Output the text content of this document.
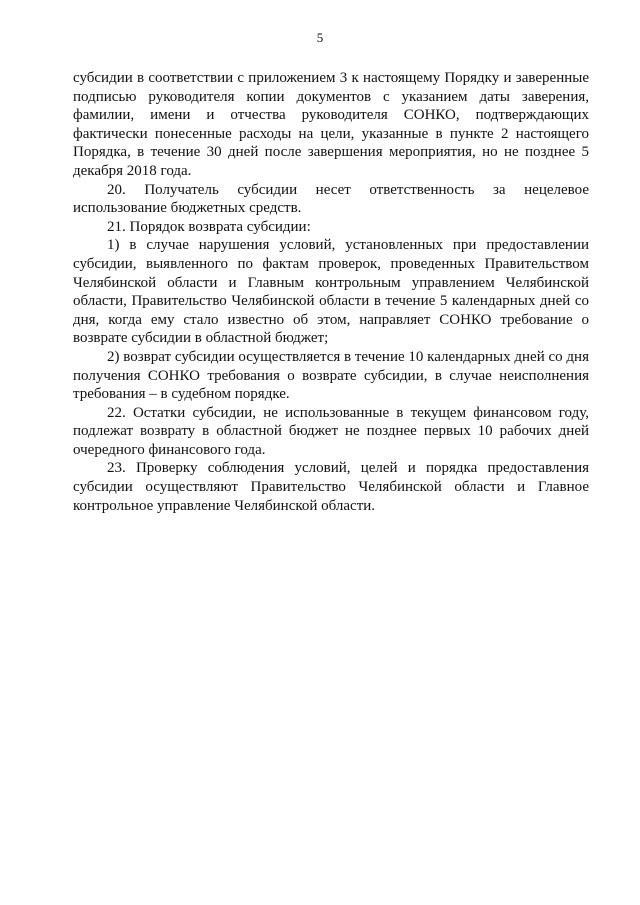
5

субсидии в соответствии с приложением 3 к настоящему Порядку и заверенные подписью руководителя копии документов с указанием даты заверения, фамилии, имени и отчества руководителя СОНКО, подтверждающих фактически понесенные расходы на цели, указанные в пункте 2 настоящего Порядка, в течение 30 дней после завершения мероприятия, но не позднее 5 декабря 2018 года.

20. Получатель субсидии несет ответственность за нецелевое использование бюджетных средств.

21. Порядок возврата субсидии:

1) в случае нарушения условий, установленных при предоставлении субсидии, выявленного по фактам проверок, проведенных Правительством Челябинской области и Главным контрольным управлением Челябинской области, Правительство Челябинской области в течение 5 календарных дней со дня, когда ему стало известно об этом, направляет СОНКО требование о возврате субсидии в областной бюджет;

2) возврат субсидии осуществляется в течение 10 календарных дней со дня получения СОНКО требования о возврате субсидии, в случае неисполнения требования – в судебном порядке.

22. Остатки субсидии, не использованные в текущем финансовом году, подлежат возврату в областной бюджет не позднее первых 10 рабочих дней очередного финансового года.

23. Проверку соблюдения условий, целей и порядка предоставления субсидии осуществляют Правительство Челябинской области и Главное контрольное управление Челябинской области.
